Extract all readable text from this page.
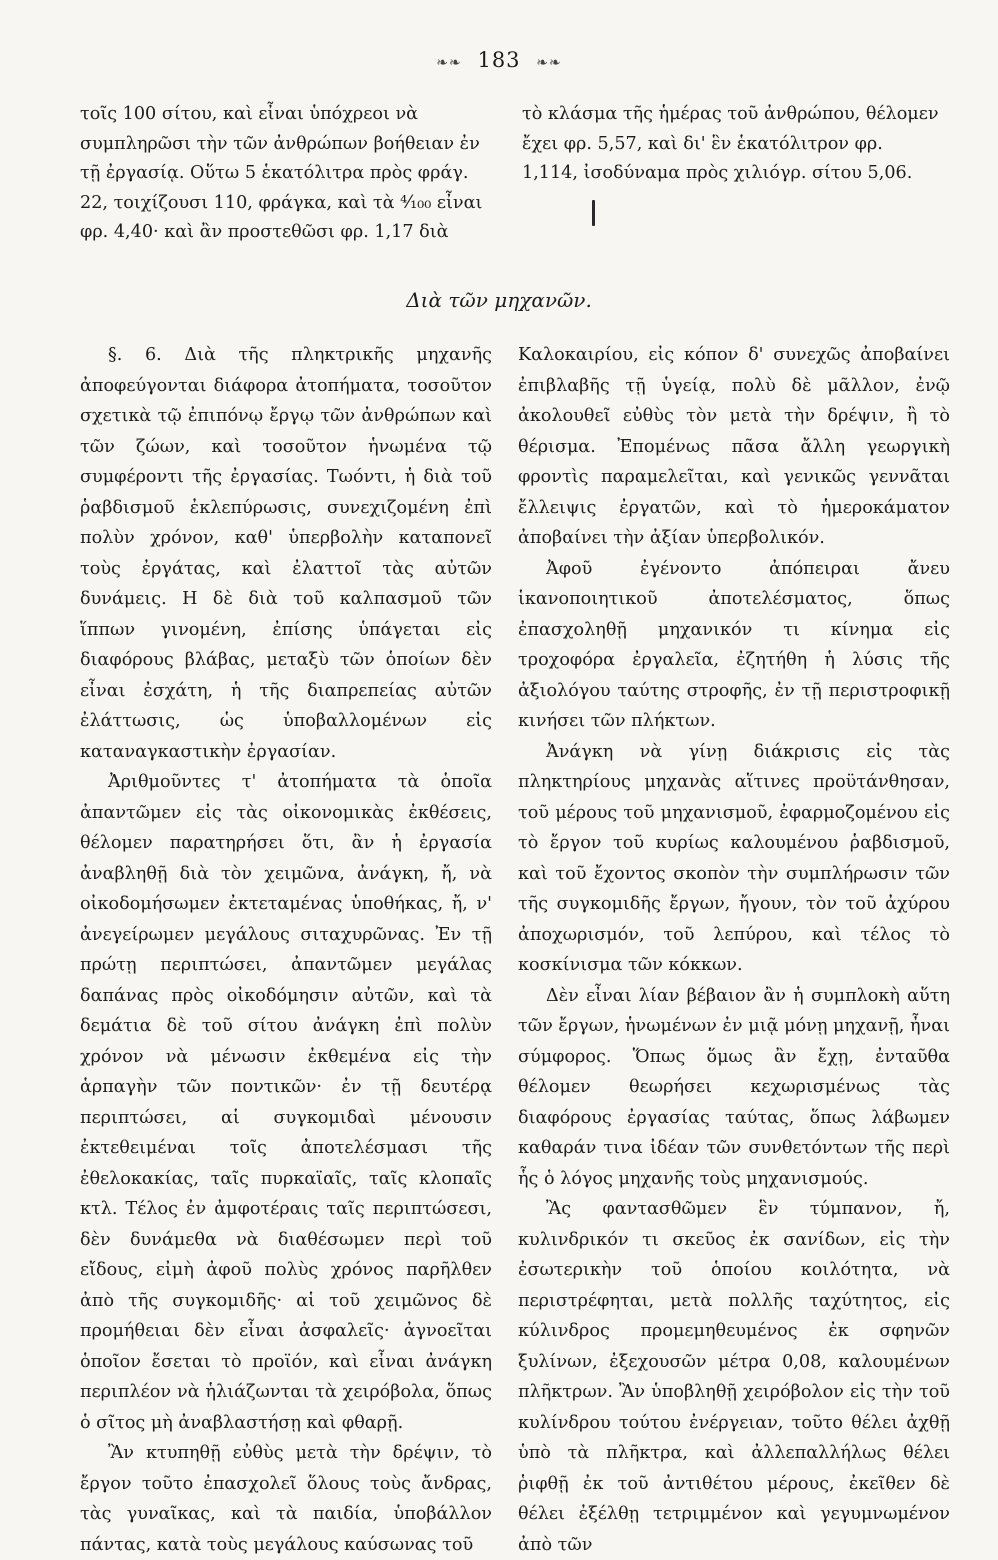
❧❧ 183 ❧❧

τοῖς 100 σίτου, καὶ εἶναι ὑπόχρεοι νὰ συμπληρῶσι τὴν τῶν ἀνθρώπων βοήθειαν ἐν τῇ ἐργασίᾳ. Οὕτω 5 ἑκατόλιτρα πρὸς φράγ. 22, τοιχίζουσι 110, φράγκα, καὶ τὰ ⁴⁄₁₀₀ εἶναι φρ. 4,40· καὶ ἂν προστεθῶσι φρ. 1,17 διὰ

τὸ κλάσμα τῆς ἡμέρας τοῦ ἀνθρώπου, θέλομεν ἔχει φρ. 5,57, καὶ δι' ἓν ἑκατόλιτρον φρ. 1,114, ἰσοδύναμα πρὸς χιλιόγρ. σίτου 5,06.

Διὰ τῶν μηχανῶν.

§. 6. Διὰ τῆς πληκτρικῆς μηχανῆς ἀποφεύγονται διάφορα ἀτοπήματα, τοσοῦτον σχετικὰ τῷ ἐπιπόνῳ ἔργῳ τῶν ἀνθρώπων καὶ τῶν ζώων, καὶ τοσοῦτον ἡνωμένα τῷ συμφέροντι τῆς ἐργασίας. Τωόντι, ἡ διὰ τοῦ ῥαβδισμοῦ ἐκλεπύρωσις, συνεχιζομένη ἐπὶ πολὺν χρόνον, καθ' ὑπερβολὴν καταπονεῖ τοὺς ἐργάτας, καὶ ἐλαττοῖ τὰς αὐτῶν δυνάμεις. Η δὲ διὰ τοῦ καλπασμοῦ τῶν ἵππων γινομένη, ἐπίσης ὑπάγεται εἰς διαφόρους βλάβας, μεταξὺ τῶν ὁποίων δὲν εἶναι ἐσχάτη, ἡ τῆς διαπρεπείας αὐτῶν ἐλάττωσις, ὡς ὑποβαλλομένων εἰς καταναγκαστικὴν ἐργασίαν.

Ἀριθμοῦντες τ' ἀτοπήματα τὰ ὁποῖα ἀπαντῶμεν εἰς τὰς οἰκονομικὰς ἐκθέσεις, θέλομεν παρατηρήσει ὅτι, ἂν ἡ ἐργασία ἀναβληθῇ διὰ τὸν χειμῶνα, ἀνάγκη, ἤ, νὰ οἰκοδομήσωμεν ἐκτεταμένας ὑποθήκας, ἤ, ν' ἀνεγείρωμεν μεγάλους σιταχυρῶνας. Ἐν τῇ πρώτῃ περιπτώσει, ἀπαντῶμεν μεγάλας δαπάνας πρὸς οἰκοδόμησιν αὐτῶν, καὶ τὰ δεμάτια δὲ τοῦ σίτου ἀνάγκη ἐπὶ πολὺν χρόνον νὰ μένωσιν ἐκθεμένα εἰς τὴν ἁρπαγὴν τῶν ποντικῶν· ἐν τῇ δευτέρᾳ περιπτώσει, αἱ συγκομιδαὶ μένουσιν ἐκτεθειμέναι τοῖς ἀποτελέσμασι τῆς ἐθελοκακίας, ταῖς πυρκαϊαῖς, ταῖς κλοπαῖς κτλ. Τέλος ἐν ἀμφοτέραις ταῖς περιπτώσεσι, δὲν δυνάμεθα νὰ διαθέσωμεν περὶ τοῦ εἴδους, εἰμὴ ἀφοῦ πολὺς χρόνος παρῆλθεν ἀπὸ τῆς συγκομιδῆς· αἱ τοῦ χειμῶνος δὲ προμήθειαι δὲν εἶναι ἀσφαλεῖς· ἀγνοεῖται ὁποῖον ἔσεται τὸ προϊόν, καὶ εἶναι ἀνάγκη περιπλέον νὰ ἡλιάζωνται τὰ χειρόβολα, ὅπως ὁ σῖτος μὴ ἀναβλαστήσῃ καὶ φθαρῇ.

Ἂν κτυπηθῇ εὐθὺς μετὰ τὴν δρέψιν, τὸ ἔργον τοῦτο ἐπασχολεῖ ὅλους τοὺς ἄνδρας, τὰς γυναῖκας, καὶ τὰ παιδία, ὑποβάλλον πάντας, κατὰ τοὺς μεγάλους καύσωνας τοῦ

Καλοκαιρίου, εἰς κόπον δ' συνεχῶς ἀποβαίνει ἐπιβλαβῆς τῇ ὑγείᾳ, πολὺ δὲ μᾶλλον, ἐνῷ ἀκολουθεῖ εὐθὺς τὸν μετὰ τὴν δρέψιν, ἢ τὸ θέρισμα. Ἐπομένως πᾶσα ἄλλη γεωργικὴ φροντὶς παραμελεῖται, καὶ γενικῶς γεννᾶται ἔλλειψις ἐργατῶν, καὶ τὸ ἡμεροκάματον ἀποβαίνει τὴν ἀξίαν ὑπερβολικόν.

Ἀφοῦ ἐγένοντο ἀπόπειραι ἄνευ ἱκανοποιητικοῦ ἀποτελέσματος, ὅπως ἐπασχοληθῇ μηχανικόν τι κίνημα εἰς τροχοφόρα ἐργαλεῖα, ἐζητήθη ἡ λύσις τῆς ἀξιολόγου ταύτης στροφῆς, ἐν τῇ περιστροφικῇ κινήσει τῶν πλήκτων.

Ἀνάγκη νὰ γίνῃ διάκρισις εἰς τὰς πληκτηρίους μηχανὰς αἵτινες προϋτάνθησαν, τοῦ μέρους τοῦ μηχανισμοῦ, ἐφαρμοζομένου εἰς τὸ ἔργον τοῦ κυρίως καλουμένου ῥαβδισμοῦ, καὶ τοῦ ἔχοντος σκοπὸν τὴν συμπλήρωσιν τῶν τῆς συγκομιδῆς ἔργων, ἤγουν, τὸν τοῦ ἀχύρου ἀποχωρισμόν, τοῦ λεπύρου, καὶ τέλος τὸ κοσκίνισμα τῶν κόκκων.

Δὲν εἶναι λίαν βέβαιον ἂν ἡ συμπλοκὴ αὕτη τῶν ἔργων, ἡνωμένων ἐν μιᾷ μόνῃ μηχανῇ, ἦναι σύμφορος. Ὅπως ὅμως ἂν ἔχῃ, ἐνταῦθα θέλομεν θεωρήσει κεχωρισμένως τὰς διαφόρους ἐργασίας ταύτας, ὅπως λάβωμεν καθαράν τινα ἰδέαν τῶν συνθετόντων τῆς περὶ ἧς ὁ λόγος μηχανῆς τοὺς μηχανισμούς.

Ἂς φαντασθῶμεν ἓν τύμπανον, ἤ, κυλινδρικόν τι σκεῦος ἐκ σανίδων, εἰς τὴν ἐσωτερικὴν τοῦ ὁποίου κοιλότητα, νὰ περιστρέφηται, μετὰ πολλῆς ταχύτητος, εἰς κύλινδρος προμεμηθευμένος ἐκ σφηνῶν ξυλίνων, ἐξεχουσῶν μέτρα 0,08, καλουμένων πλῆκτρων. Ἂν ὑποβληθῇ χειρόβολον εἰς τὴν τοῦ κυλίνδρου τούτου ἐνέργειαν, τοῦτο θέλει ἀχθῇ ὑπὸ τὰ πλῆκτρα, καὶ ἀλλεπαλλήλως θέλει ῥιφθῇ ἐκ τοῦ ἀντιθέτου μέρους, ἐκεῖθεν δὲ θέλει ἐξέλθῃ τετριμμένον καὶ γεγυμνωμένον ἀπὸ τῶν
